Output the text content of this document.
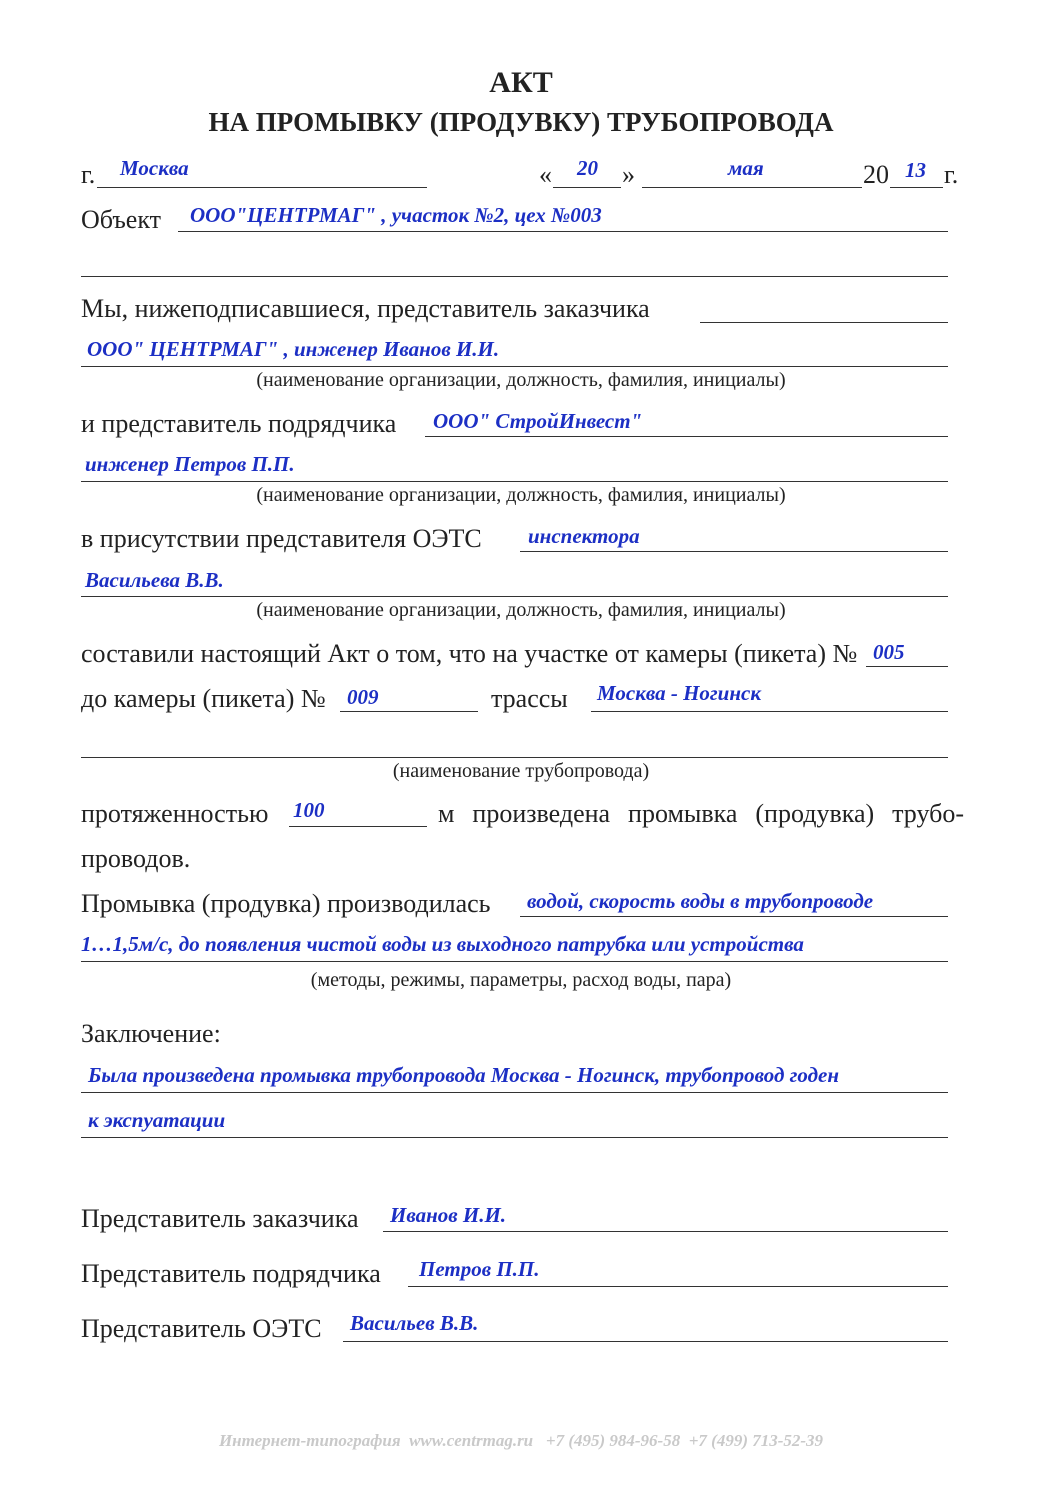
АКТ
НА ПРОМЫВКУ (ПРОДУВКУ) ТРУБОПРОВОДА
г. Москва	« 20 »	мая	20 13 г.
Объект ООО"ЦЕНТРМАГ" , участок №2, цех №003
Мы, нижеподписавшиеся, представитель заказчика
ООО" ЦЕНТРМАГ" , инженер Иванов И.И.
(наименование организации, должность, фамилия, инициалы)
и представитель подрядчика ООО" СтройИнвест"
инженер Петров П.П.
(наименование организации, должность, фамилия, инициалы)
в присутствии представителя ОЭТС инспектора
Васильева В.В.
(наименование организации, должность, фамилия, инициалы)
составили настоящий Акт о том, что на участке от камеры (пикета) № 005
до камеры (пикета) № 009	трассы Москва - Ногинск
(наименование трубопровода)
протяженностью 100	м произведена промывка (продувка) трубо-
проводов.
Промывка (продувка) производилась водой, скорость воды в трубопроводе
1…1,5м/с, до появления чистой воды из выходного патрубка или устройства
(методы, режимы, параметры, расход воды, пара)
Заключение:
Была произведена промывка трубопровода Москва - Ногинск, трубопровод годен
к экспуатации
Представитель заказчика Иванов И.И.
Представитель подрядчика Петров П.П.
Представитель ОЭТС Васильев В.В.
Интернет-типография  www.centrmag.ru   +7 (495) 984-96-58  +7 (499) 713-52-39
